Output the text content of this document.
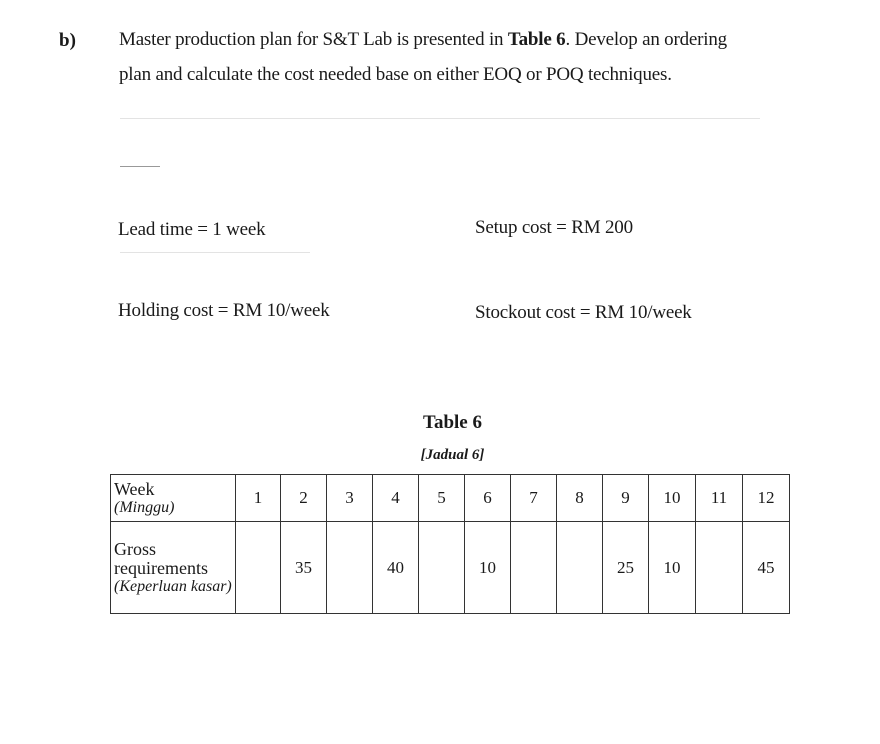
b) Master production plan for S&T Lab is presented in Table 6. Develop an ordering
plan and calculate the cost needed base on either EOQ or POQ techniques.
Lead time = 1 week	Setup cost = RM 200
Holding cost = RM 10/week	Stockout cost = RM 10/week
Table 6
[Jadual 6]
Week
(Minggu)	1	2	3	4	5	6	7	8	9	10	11	12

Gross
requirements
(Keperluan kasar)		35		40		10			25	10		45
